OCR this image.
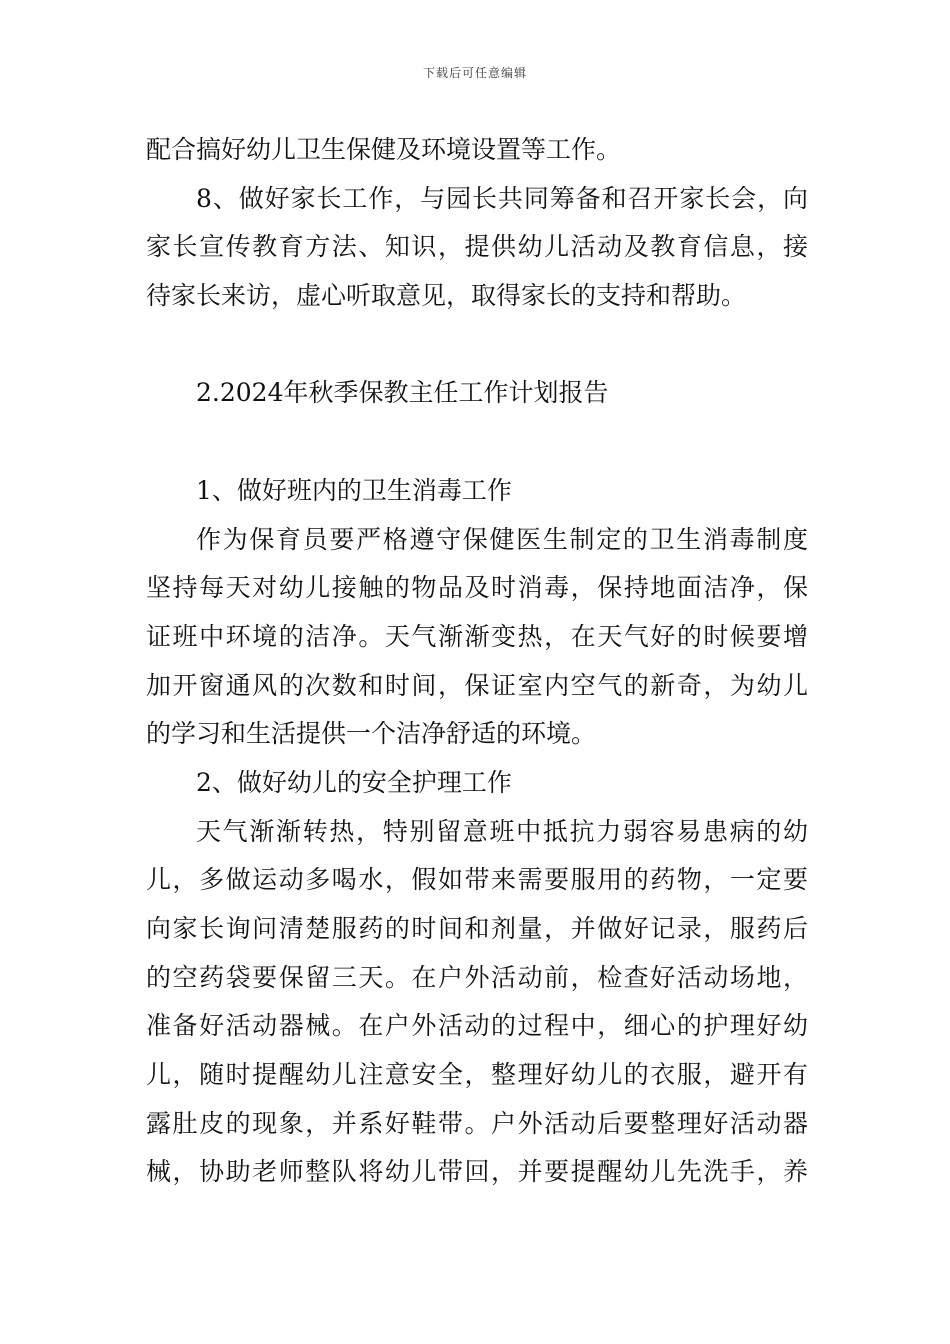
下载后可任意编辑
配合搞好幼儿卫生保健及环境设置等工作。
8、做好家长工作，与园长共同筹备和召开家长会，向
家长宣传教育方法、知识，提供幼儿活动及教育信息，接
待家长来访，虚心听取意见，取得家长的支持和帮助。
2.2024年秋季保教主任工作计划报告
1、做好班内的卫生消毒工作
作为保育员要严格遵守保健医生制定的卫生消毒制度
坚持每天对幼儿接触的物品及时消毒，保持地面洁净，保
证班中环境的洁净。天气渐渐变热，在天气好的时候要增
加开窗通风的次数和时间，保证室内空气的新奇，为幼儿
的学习和生活提供一个洁净舒适的环境。
2、做好幼儿的安全护理工作
天气渐渐转热，特别留意班中抵抗力弱容易患病的幼
儿，多做运动多喝水，假如带来需要服用的药物，一定要
向家长询问清楚服药的时间和剂量，并做好记录，服药后
的空药袋要保留三天。在户外活动前，检查好活动场地，
准备好活动器械。在户外活动的过程中，细心的护理好幼
儿，随时提醒幼儿注意安全，整理好幼儿的衣服，避开有
露肚皮的现象，并系好鞋带。户外活动后要整理好活动器
械，协助老师整队将幼儿带回，并要提醒幼儿先洗手，养
